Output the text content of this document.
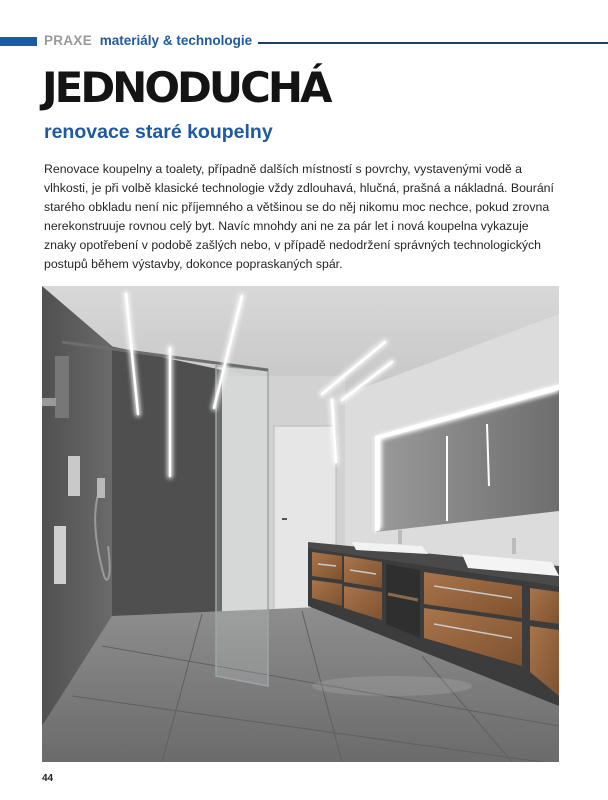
PRAXE materiály & technologie
JEDNODUCHÁ
renovace staré koupelny

Renovace koupelny a toalety, případně dalších místností s povrchy, vystavenými vodě a vlhkosti, je při volbě klasické technologie vždy zdlouhavá, hlučná, prašná a nákladná. Bourání starého obkladu není nic příjemného a většinou se do něj nikomu moc nechce, pokud zrovna nerekonstruuje rovnou celý byt. Navíc mnohdy ani ne za pár let i nová koupelna vykazuje znaky opotřebení v podobě zašlých nebo, v případě nedodržení správných technologických postupů během výstavby, dokonce popraskaných spár.

44
